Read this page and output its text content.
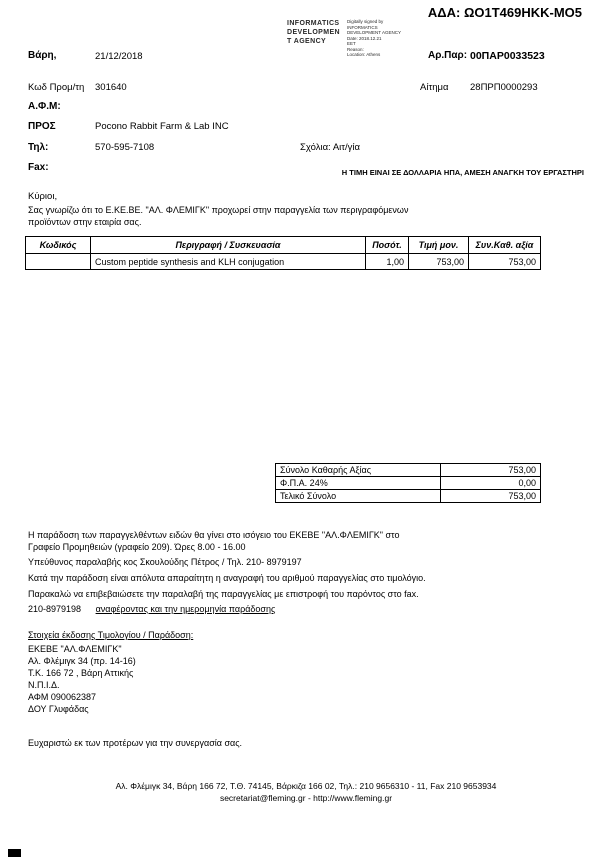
ΑΔΑ: ΩΟ1Τ469ΗΚΚ-ΜΟ5
INFORMATICS
DEVELOPMEN
T AGENCY
Digitally signed by
INFORMATICS
DEVELOPMENT AGENCY
Date: 2018.12.21
EET
Reason:
Location: Athens
Βάρη,	21/12/2018	Αρ.Παρ: 00ΠΑΡ0033523
Κωδ Προμ/τη 301640	Αίτημα 28ΠΡΠ0000293
Α.Φ.Μ:
ΠΡΟΣ	Pocono Rabbit Farm & Lab INC
Τηλ:	570-595-7108	Σχόλια: Αιτ/γία
Fax:	Η ΤΙΜΗ ΕΙΝΑΙ ΣΕ ΔΟΛΛΑΡΙΑ ΗΠΑ, ΑΜΕΣΗ ΑΝΑΓΚΗ ΤΟΥ ΕΡΓΑΣΤΗΡΙ
Κύριοι,
Σας γνωρίζω ότι το Ε.ΚΕ.ΒΕ. "ΑΛ. ΦΛΕΜΙΓΚ" προχωρεί στην παραγγελία των περιγραφόμενων
προϊόντων στην εταιρία σας.
Κωδικός	Περιγραφή / Συσκευασία	Ποσότ.	Τιμή μον.	Συν.Καθ. αξία
	Custom peptide synthesis and KLH conjugation	1,00	753,00	753,00
Σύνολο Καθαρής Αξίας	753,00
Φ.Π.Α. 24%	0,00
Τελικό Σύνολο	753,00
Η παράδοση των παραγγελθέντων ειδών θα γίνει στο ισόγειο του ΕΚΕΒΕ "ΑΛ.ΦΛΕΜΙΓΚ" στο
Γραφείο Προμηθειών (γραφείο 209). Ώρες 8.00 - 16.00
Υπεύθυνος παραλαβής κος Σκουλούδης Πέτρος / Τηλ. 210- 8979197
Κατά την παράδοση είναι απόλυτα απαραίτητη η αναγραφή του αριθμού παραγγελίας στο τιμολόγιο.
Παρακαλώ να επιβεβαιώσετε την παραλαβή της παραγγελίας με επιστροφή του παρόντος στο fax.
210-8979198 αναφέροντας και την ημερομηνία παράδοσης
Στοιχεία έκδοσης Τιμολογίου / Παράδοση:
ΕΚΕΒΕ "ΑΛ.ΦΛΕΜΙΓΚ"
Αλ. Φλέμιγκ 34 (πρ. 14-16)
Τ.Κ. 166 72 , Βάρη Αττικής
Ν.Π.Ι.Δ.
ΑΦΜ 090062387
ΔΟΥ Γλυφάδας
Ευχαριστώ εκ των προτέρων για την συνεργασία σας.
Αλ. Φλέμιγκ 34, Βάρη 166 72, Τ.Θ. 74145, Βάρκιζα 166 02, Τηλ.: 210 9656310 - 11, Fax 210 9653934
secretariat@fleming.gr - http://www.fleming.gr
